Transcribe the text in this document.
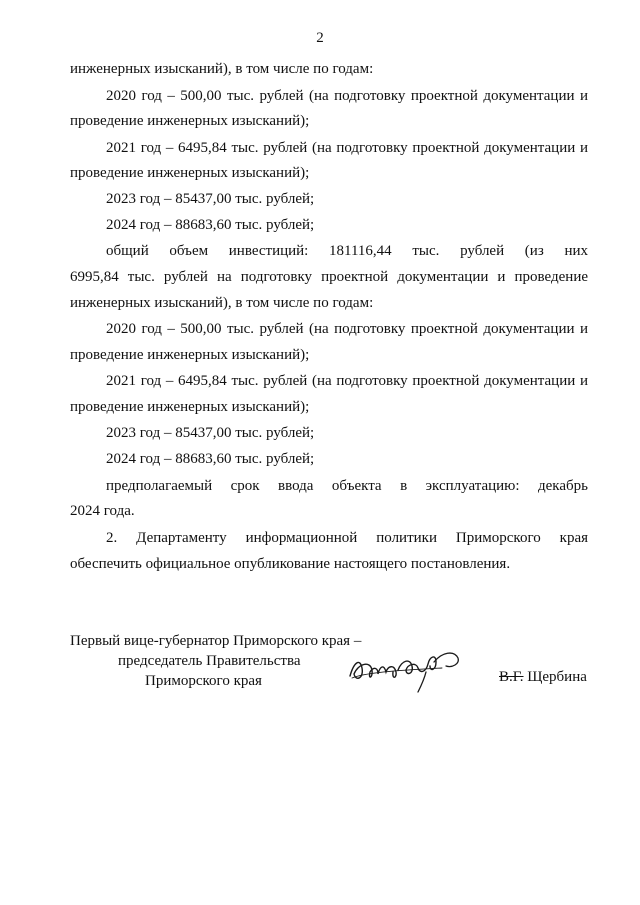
2
инженерных изысканий), в том числе по годам:
2020 год – 500,00 тыс. рублей (на подготовку проектной документации и
проведение инженерных изысканий);
2021 год – 6495,84 тыс. рублей (на подготовку проектной документации и
проведение инженерных изысканий);
2023 год – 85437,00 тыс. рублей;
2024 год – 88683,60 тыс. рублей;
общий объем инвестиций: 181116,44 тыс. рублей (из них
6995,84 тыс. рублей на подготовку проектной документации и проведение
инженерных изысканий), в том числе по годам:
2020 год – 500,00 тыс. рублей (на подготовку проектной документации и
проведение инженерных изысканий);
2021 год – 6495,84 тыс. рублей (на подготовку проектной документации и
проведение инженерных изысканий);
2023 год – 85437,00 тыс. рублей;
2024 год – 88683,60 тыс. рублей;
предполагаемый срок ввода объекта в эксплуатацию: декабрь
2024 года.
2. Департаменту информационной политики Приморского края
обеспечить официальное опубликование настоящего постановления.
Первый вице-губернатор Приморского края –
председатель Правительства
Приморского края	В.Г. Щербина
